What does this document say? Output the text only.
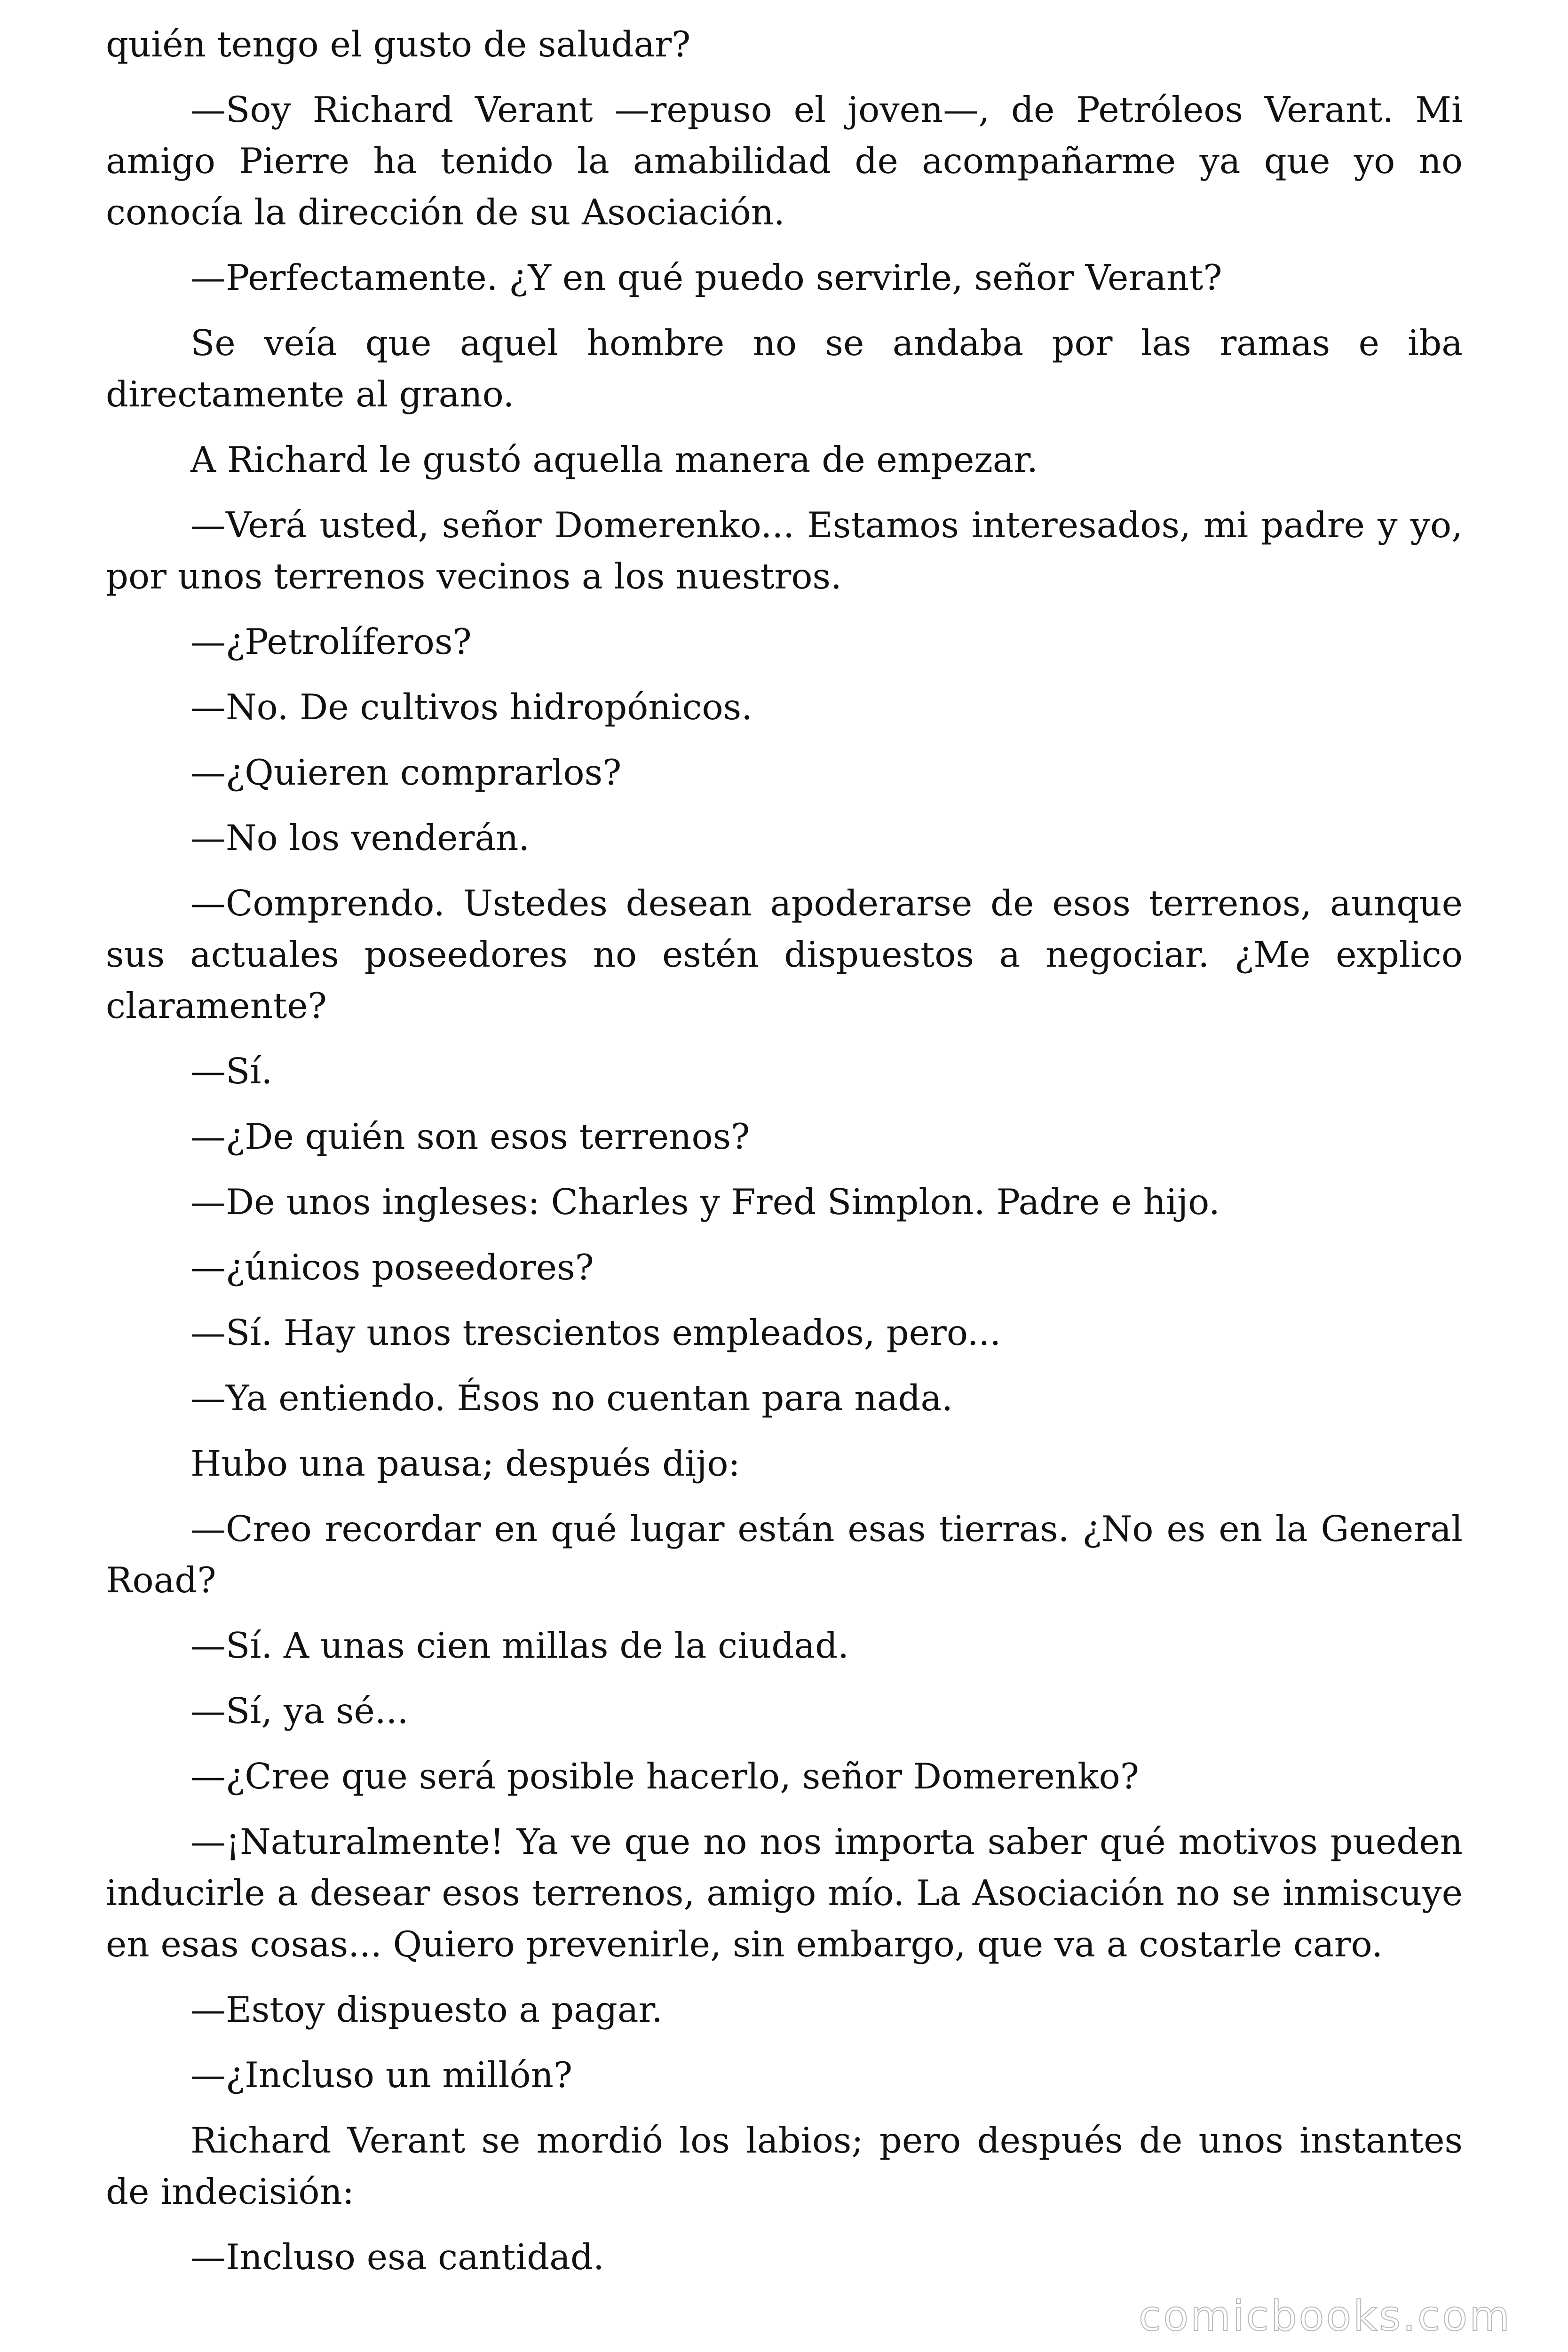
quién tengo el gusto de saludar?

—Soy Richard Verant —repuso el joven—, de Petróleos Verant. Mi amigo Pierre ha tenido la amabilidad de acompañarme ya que yo no conocía la dirección de su Asociación.

—Perfectamente. ¿Y en qué puedo servirle, señor Verant?

Se veía que aquel hombre no se andaba por las ramas e iba directamente al grano.

A Richard le gustó aquella manera de empezar.

—Verá usted, señor Domerenko... Estamos interesados, mi padre y yo, por unos terrenos vecinos a los nuestros.

—¿Petrolíferos?

—No. De cultivos hidropónicos.

—¿Quieren comprarlos?

—No los venderán.

—Comprendo. Ustedes desean apoderarse de esos terrenos, aunque sus actuales poseedores no estén dispuestos a negociar. ¿Me explico claramente?

—Sí.

—¿De quién son esos terrenos?

—De unos ingleses: Charles y Fred Simplon. Padre e hijo.

—¿únicos poseedores?

—Sí. Hay unos trescientos empleados, pero...

—Ya entiendo. Ésos no cuentan para nada.

Hubo una pausa; después dijo:

—Creo recordar en qué lugar están esas tierras. ¿No es en la General Road?

—Sí. A unas cien millas de la ciudad.

—Sí, ya sé...

—¿Cree que será posible hacerlo, señor Domerenko?

—¡Naturalmente! Ya ve que no nos importa saber qué motivos pueden inducirle a desear esos terrenos, amigo mío. La Asociación no se inmiscuye en esas cosas... Quiero prevenirle, sin embargo, que va a costarle caro.

—Estoy dispuesto a pagar.

—¿Incluso un millón?

Richard Verant se mordió los labios; pero después de unos instantes de indecisión:

—Incluso esa cantidad.

comicbooks.com
